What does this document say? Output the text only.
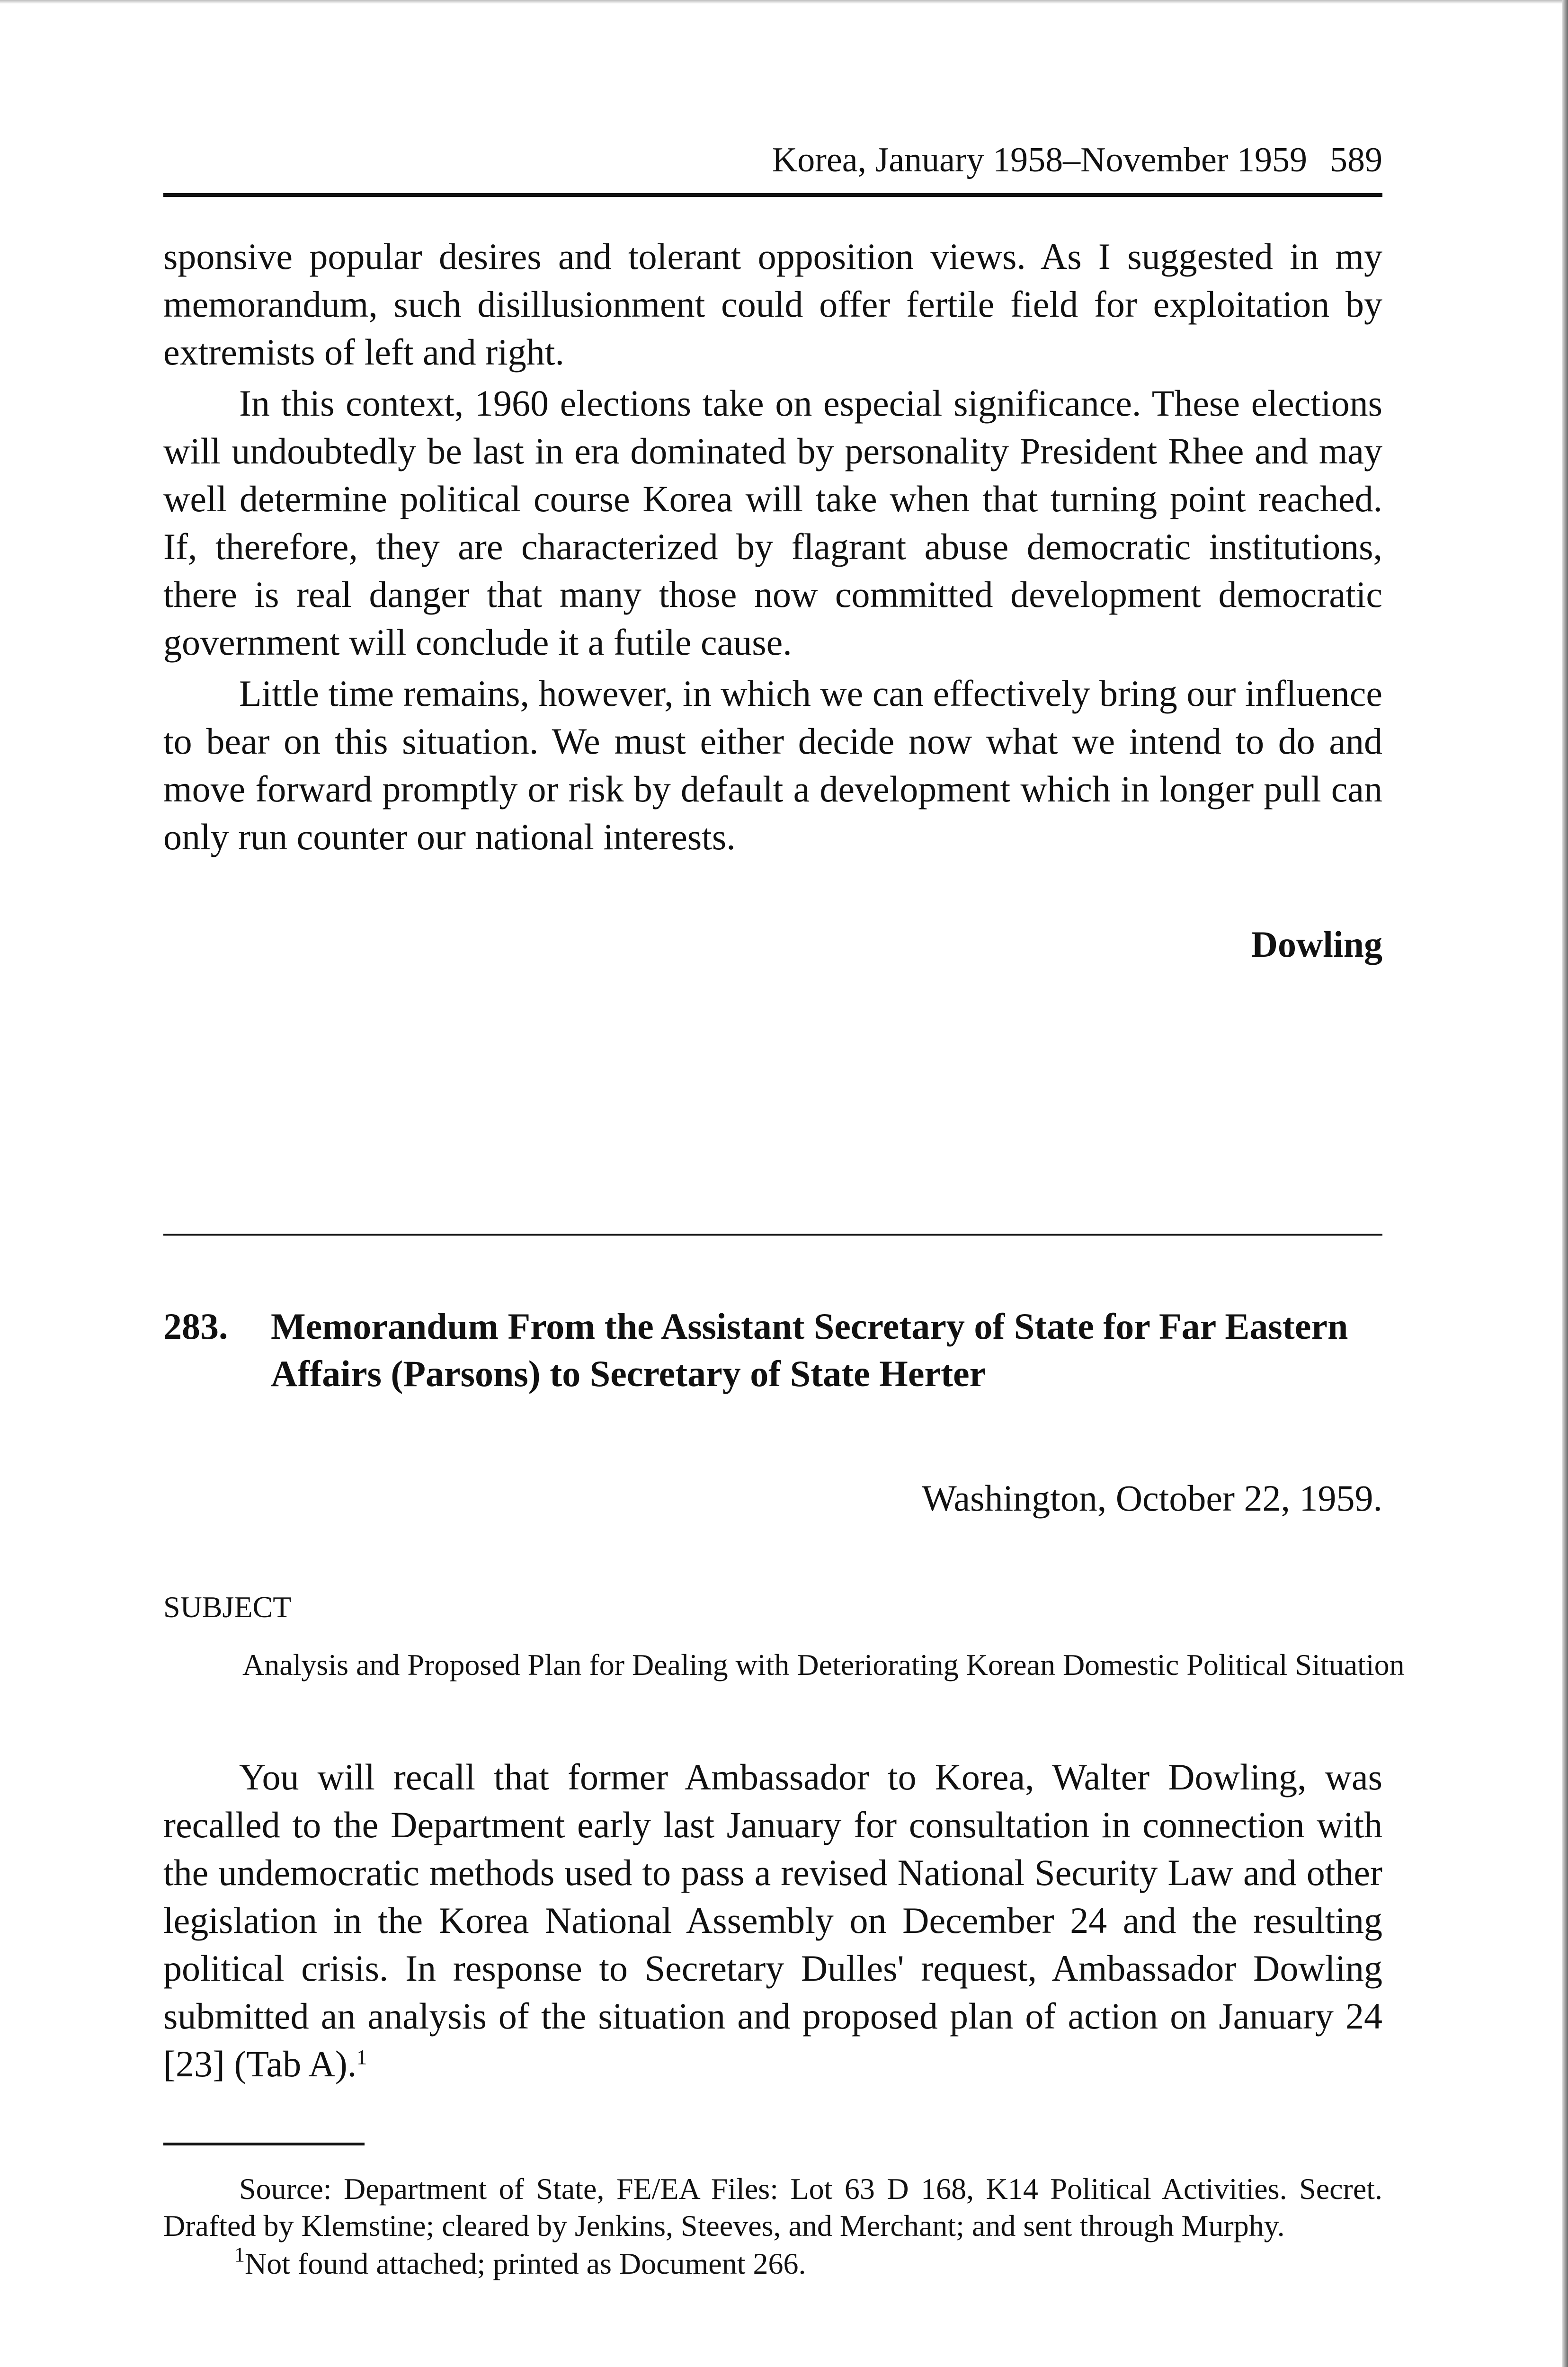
Korea, January 1958–November 1959 589

sponsive popular desires and tolerant opposition views. As I suggested in my memorandum, such disillusionment could offer fertile field for exploitation by extremists of left and right.

In this context, 1960 elections take on especial significance. These elections will undoubtedly be last in era dominated by personality President Rhee and may well determine political course Korea will take when that turning point reached. If, therefore, they are characterized by flagrant abuse democratic institutions, there is real danger that many those now committed development democratic government will conclude it a futile cause.

Little time remains, however, in which we can effectively bring our influence to bear on this situation. We must either decide now what we intend to do and move forward promptly or risk by default a development which in longer pull can only run counter our national interests.

Dowling
283. Memorandum From the Assistant Secretary of State for Far Eastern Affairs (Parsons) to Secretary of State Herter
Washington, October 22, 1959.
SUBJECT
Analysis and Proposed Plan for Dealing with Deteriorating Korean Domestic Political Situation

You will recall that former Ambassador to Korea, Walter Dowling, was recalled to the Department early last January for consultation in connection with the undemocratic methods used to pass a revised National Security Law and other legislation in the Korea National Assembly on December 24 and the resulting political crisis. In response to Secretary Dulles' request, Ambassador Dowling submitted an analysis of the situation and proposed plan of action on January 24 [23] (Tab A).$^1$

Source: Department of State, FE/EA Files: Lot 63 D 168, K14 Political Activities. Secret. Drafted by Klemstine; cleared by Jenkins, Steeves, and Merchant; and sent through Murphy.

$^1$Not found attached; printed as Document 266.
